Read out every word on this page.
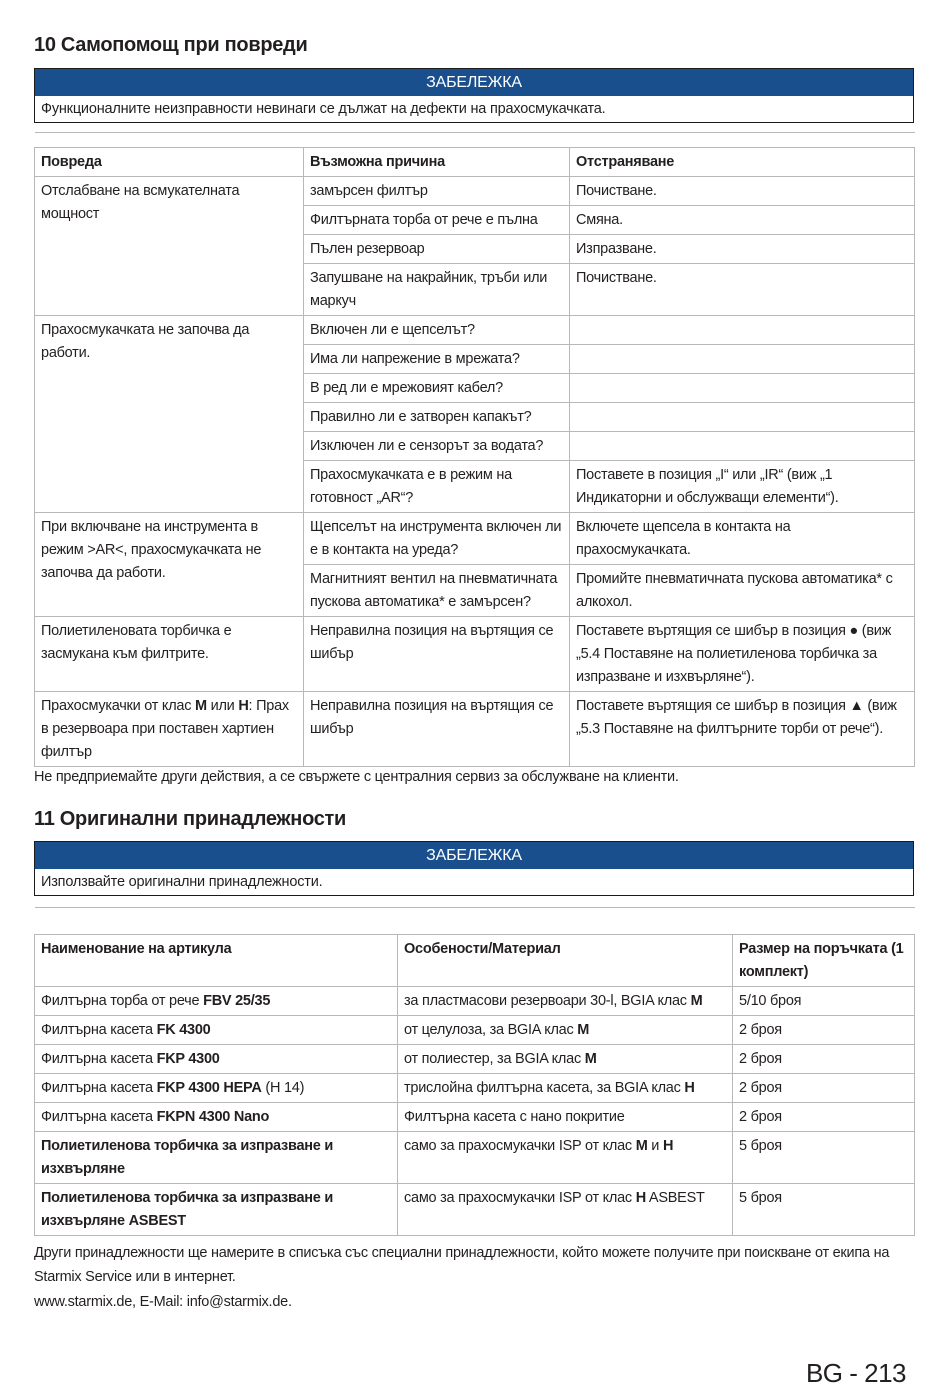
10 Самопомощ при повреди
ЗАБЕЛЕЖКА
Функционалните неизправности невинаги се дължат на дефекти на прахосмукачката.

Повреда	Възможна причина	Отстраняване
Отслабване на всмукателната мощност	замърсен филтър	Почистване.
	Филтърната торба от рече е пълна	Смяна.
	Пълен резервоар	Изпразване.
	Запушване на накрайник, тръби или маркуч	Почистване.
Прахосмукачката не започва да работи.	Включен ли е щепселът?	
	Има ли напрежение в мрежата?	
	В ред ли е мрежовият кабел?	
	Правилно ли е затворен капакът?	
	Изключен ли е сензорът за водата?	
	Прахосмукачката е в режим на готовност „AR“?	Поставете в позиция „I“ или „IR“ (виж „1 Индикаторни и обслужващи елементи“).
При включване на инструмента в режим >AR<, прахосмукачката не започва да работи.	Щепселът на инструмента включен ли е в контакта на уреда?	Включете щепсела в контакта на прахосмукачката.
	Магнитният вентил на пневматичната пускова автоматика* е замърсен?	Промийте пневматичната пускова автоматика* с алкохол.
Полиетиленовата торбичка е засмукана към филтрите.	Неправилна позиция на въртящия се шибър	Поставете въртящия се шибър в позиция ● (виж „5.4 Поставяне на полиетиленова торбичка за изпразване и изхвърляне“).
Прахосмукачки от клас M или H: Прах в резервоара при поставен хартиен филтър	Неправилна позиция на въртящия се шибър	Поставете въртящия се шибър в позиция ▲ (виж „5.3 Поставяне на филтърните торби от рече“).

Не предприемайте други действия, а се свържете с централния сервиз за обслужване на клиенти.

11 Оригинални принадлежности
ЗАБЕЛЕЖКА
Използвайте оригинални принадлежности.

Наименование на артикула	Особености/Материал	Размер на поръчката (1 комплект)
Филтърна торба от рече FBV 25/35	за пластмасови резервоари 30-l, BGIA клас M	5/10 броя
Филтърна касета FK 4300	от целулоза, за BGIA клас M	2 броя
Филтърна касета FKP 4300	от полиестер, за BGIA клас M	2 броя
Филтърна касета FKP 4300 HEPA (H 14)	трислойна филтърна касета, за BGIA клас H	2 броя
Филтърна касета FKPN 4300 Nano	Филтърна касета с нано покритие	2 броя
Полиетиленова торбичка за изпразване и изхвърляне	само за прахосмукачки ISP от клас M и H	5 броя
Полиетиленова торбичка за изпразване и изхвърляне ASBEST	само за прахосмукачки ISP от клас H ASBEST	5 броя

Други принадлежности ще намерите в списъка със специални принадлежности, който можете получите при поискване от екипа на Starmix Service или в интернет.

www.starmix.de, E-Mail: info@starmix.de.

BG - 213
